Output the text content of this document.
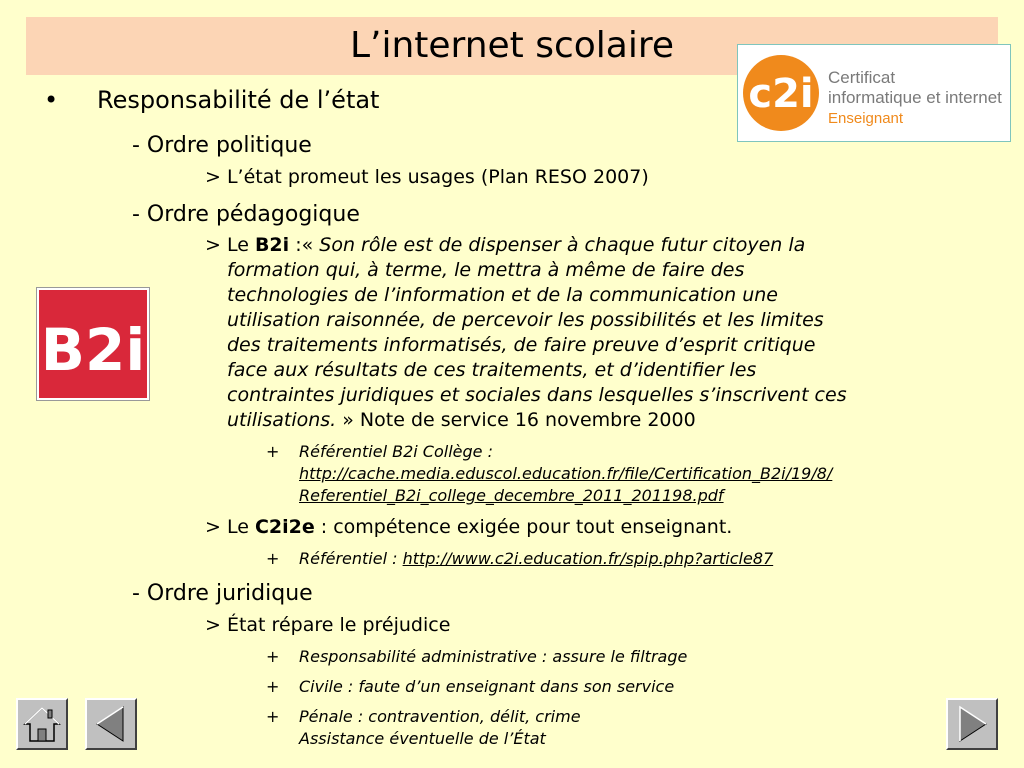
L’internet scolaire
c2i Certificat
informatique et internet
Enseignant
B2i
• Responsabilité de l’état
- Ordre politique
> L’état promeut les usages (Plan RESO 2007)
- Ordre pédagogique
> Le B2i :« Son rôle est de dispenser à chaque futur citoyen la
formation qui, à terme, le mettra à même de faire des
technologies de l’information et de la communication une
utilisation raisonnée, de percevoir les possibilités et les limites
des traitements informatisés, de faire preuve d’esprit critique
face aux résultats de ces traitements, et d’identifier les
contraintes juridiques et sociales dans lesquelles s’inscrivent ces
utilisations. » Note de service 16 novembre 2000
+ Référentiel B2i Collège :
http://cache.media.eduscol.education.fr/file/Certification_B2i/19/8/
Referentiel_B2i_college_decembre_2011_201198.pdf
> Le C2i2e : compétence exigée pour tout enseignant.
+ Référentiel : http://www.c2i.education.fr/spip.php?article87
- Ordre juridique
> État répare le préjudice
+ Responsabilité administrative : assure le filtrage
+ Civile : faute d’un enseignant dans son service
+ Pénale : contravention, délit, crime
Assistance éventuelle de l’État
